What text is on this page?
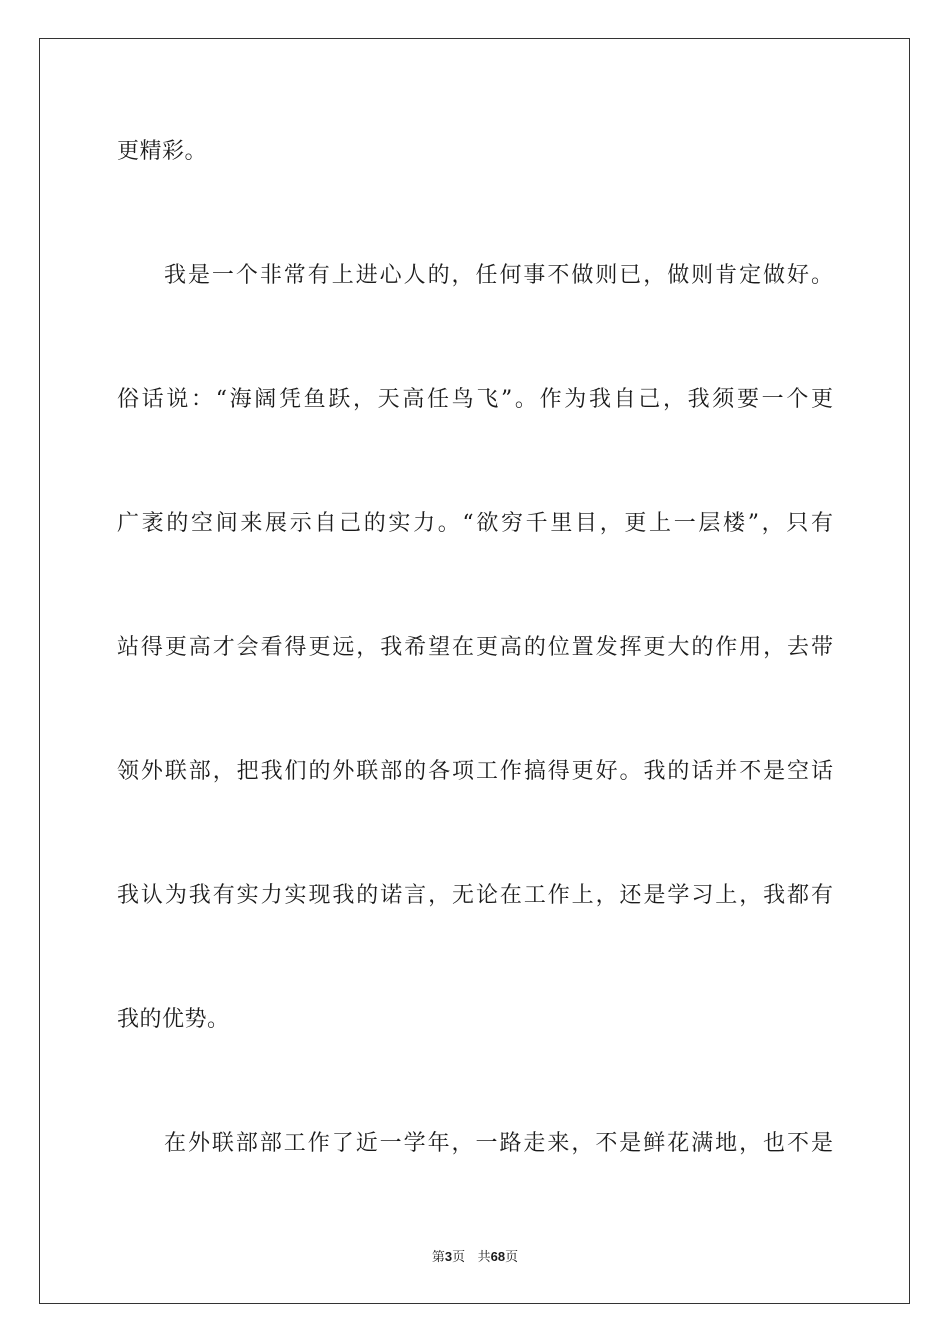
更精彩。
我是一个非常有上进心人的，任何事不做则已，做则肯定做好。
俗话说：“海阔凭鱼跃，天高任鸟飞”。作为我自己，我须要一个更
广袤的空间来展示自己的实力。“欲穷千里目，更上一层楼”，只有
站得更高才会看得更远，我希望在更高的位置发挥更大的作用，去带
领外联部，把我们的外联部的各项工作搞得更好。我的话并不是空话
我认为我有实力实现我的诺言，无论在工作上，还是学习上，我都有
我的优势。
在外联部部工作了近一学年，一路走来，不是鲜花满地，也不是
第3页 共68页
